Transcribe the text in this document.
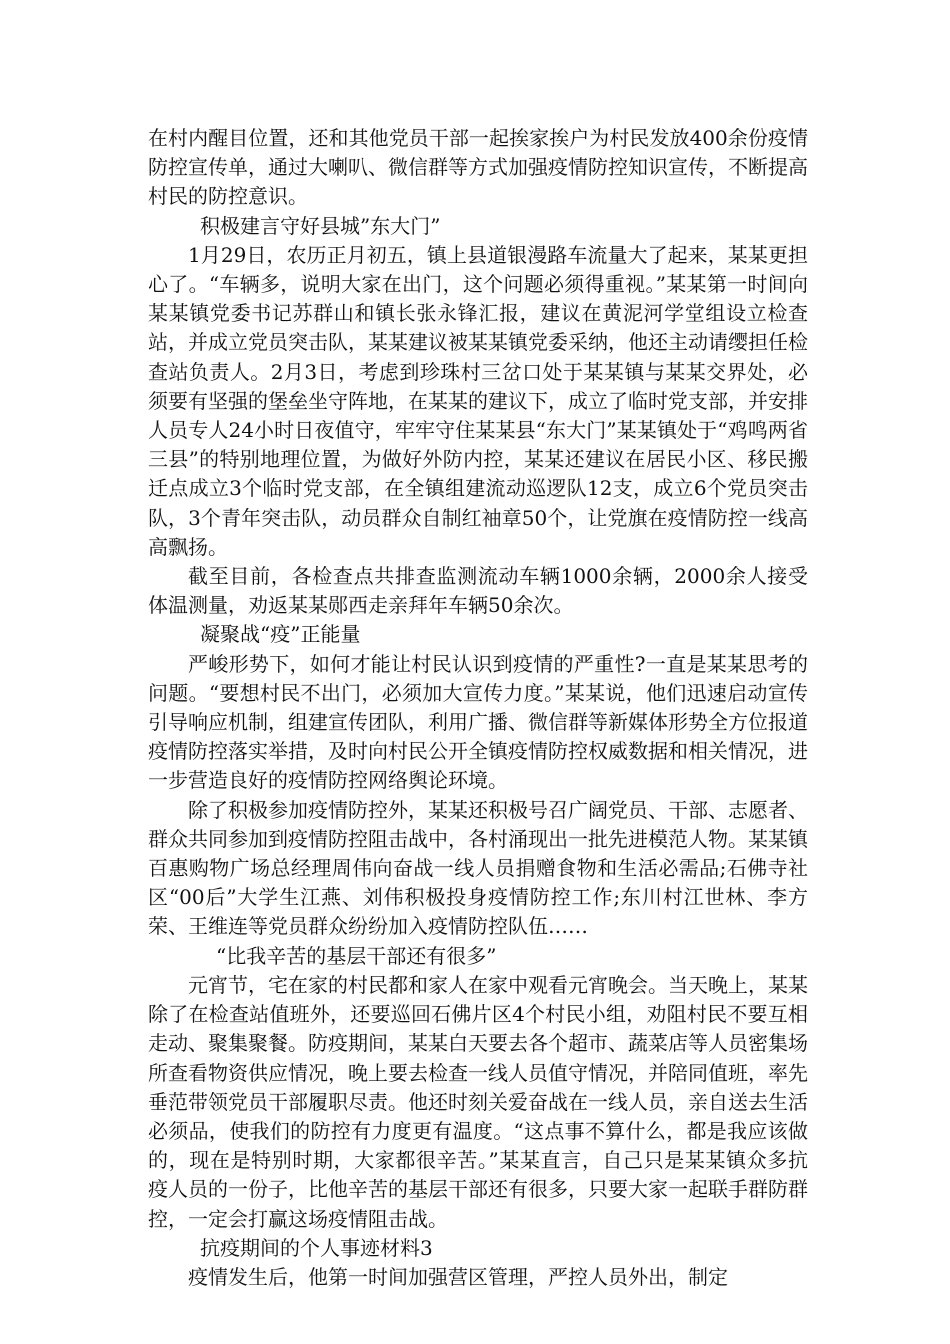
在村内醒目位置，还和其他党员干部一起挨家挨户为村民发放400余份疫情防控宣传单，通过大喇叭、微信群等方式加强疫情防控知识宣传，不断提高村民的防控意识。

积极建言守好县城”东大门”

1月29日，农历正月初五，镇上县道银漫路车流量大了起来，某某更担心了。“车辆多，说明大家在出门，这个问题必须得重视。”某某第一时间向某某镇党委书记苏群山和镇长张永锋汇报，建议在黄泥河学堂组设立检查站，并成立党员突击队，某某建议被某某镇党委采纳，他还主动请缨担任检查站负责人。2月3日，考虑到珍珠村三岔口处于某某镇与某某交界处，必须要有坚强的堡垒坐守阵地，在某某的建议下，成立了临时党支部，并安排人员专人24小时日夜值守，牢牢守住某某县“东大门”某某镇处于“鸡鸣两省三县”的特别地理位置，为做好外防内控，某某还建议在居民小区、移民搬迁点成立3个临时党支部，在全镇组建流动巡逻队12支，成立6个党员突击队，3个青年突击队，动员群众自制红袖章50个，让党旗在疫情防控一线高高飘扬。

截至目前，各检查点共排查监测流动车辆1000余辆，2000余人接受体温测量，劝返某某郧西走亲拜年车辆50余次。

凝聚战“疫”正能量

严峻形势下，如何才能让村民认识到疫情的严重性?一直是某某思考的问题。“要想村民不出门，必须加大宣传力度。”某某说，他们迅速启动宣传引导响应机制，组建宣传团队，利用广播、微信群等新媒体形势全方位报道疫情防控落实举措，及时向村民公开全镇疫情防控权威数据和相关情况，进一步营造良好的疫情防控网络舆论环境。

除了积极参加疫情防控外，某某还积极号召广阔党员、干部、志愿者、群众共同参加到疫情防控阻击战中，各村涌现出一批先进模范人物。某某镇百惠购物广场总经理周伟向奋战一线人员捐赠食物和生活必需品;石佛寺社区“00后”大学生江燕、刘伟积极投身疫情防控工作;东川村江世林、李方荣、王维连等党员群众纷纷加入疫情防控队伍……

“比我辛苦的基层干部还有很多”

元宵节，宅在家的村民都和家人在家中观看元宵晚会。当天晚上，某某除了在检查站值班外，还要巡回石佛片区4个村民小组，劝阻村民不要互相走动、聚集聚餐。防疫期间，某某白天要去各个超市、蔬菜店等人员密集场所查看物资供应情况，晚上要去检查一线人员值守情况，并陪同值班，率先垂范带领党员干部履职尽责。他还时刻关爱奋战在一线人员，亲自送去生活必须品，使我们的防控有力度更有温度。“这点事不算什么，都是我应该做的，现在是特别时期，大家都很辛苦。”某某直言，自己只是某某镇众多抗疫人员的一份子，比他辛苦的基层干部还有很多，只要大家一起联手群防群控，一定会打赢这场疫情阻击战。

抗疫期间的个人事迹材料3

疫情发生后，他第一时间加强营区管理，严控人员外出，制定
